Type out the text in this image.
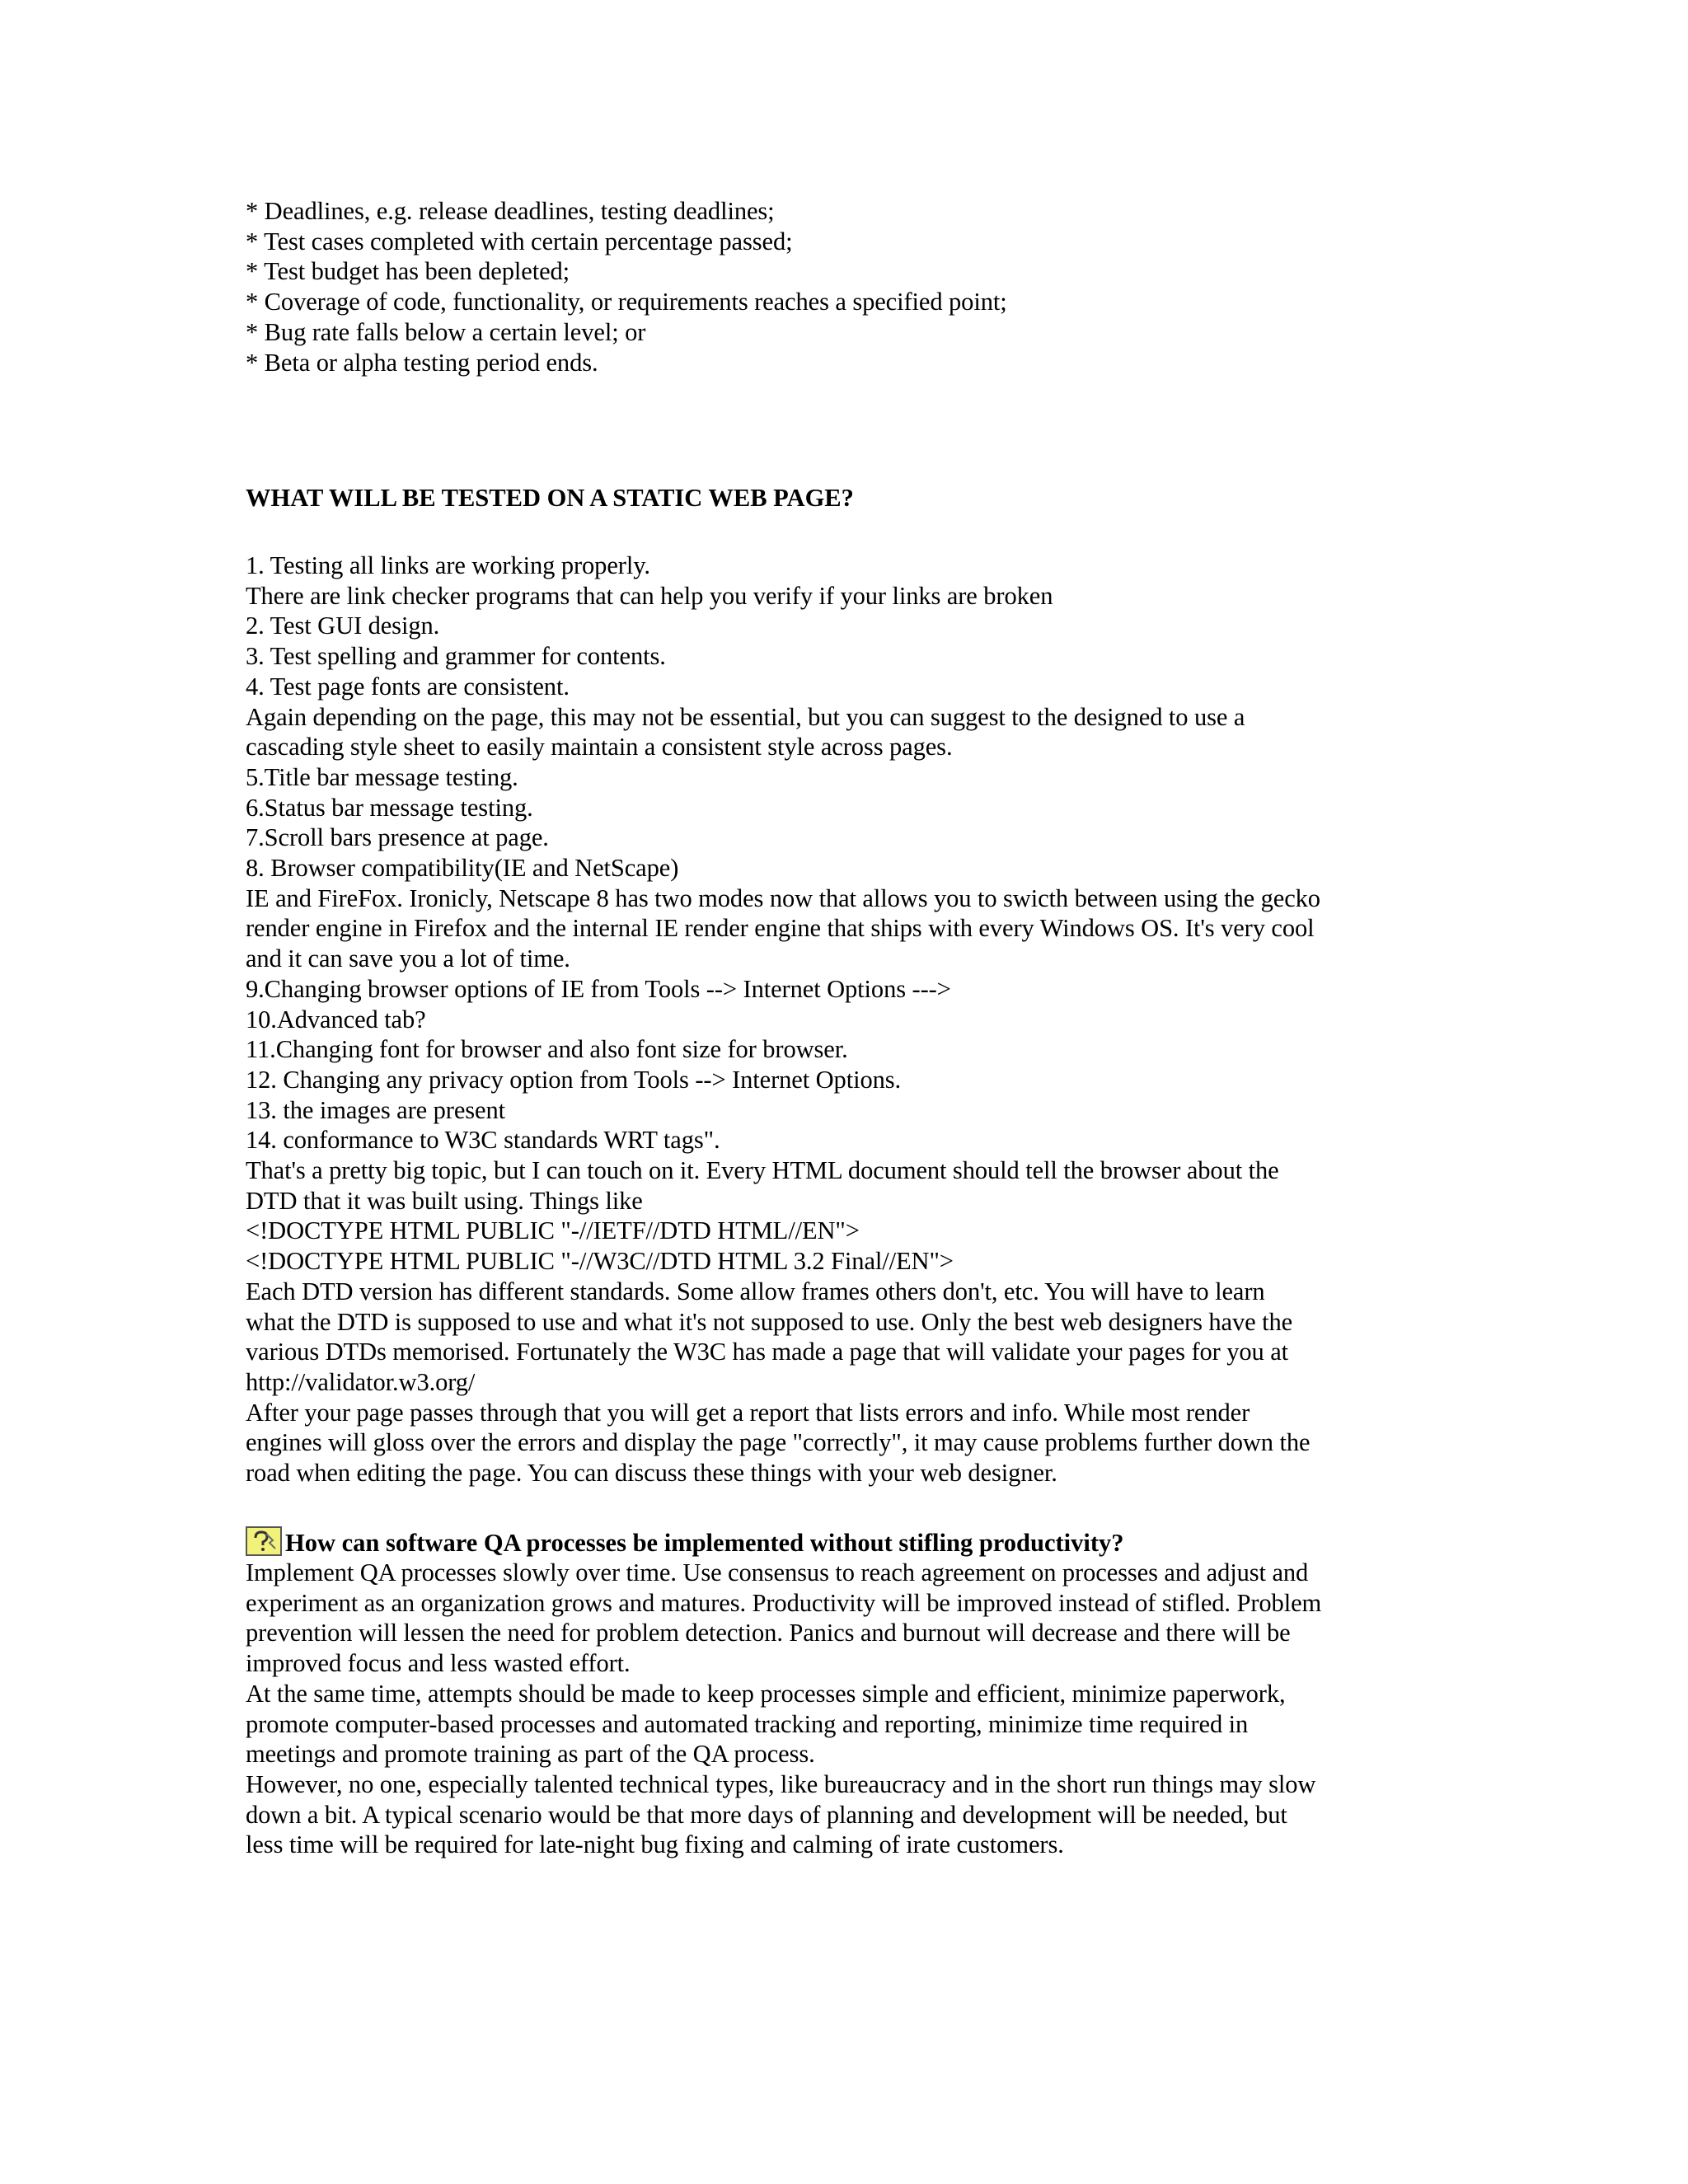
* Deadlines, e.g. release deadlines, testing deadlines;
* Test cases completed with certain percentage passed;
* Test budget has been depleted;
* Coverage of code, functionality, or requirements reaches a specified point;
* Bug rate falls below a certain level; or
* Beta or alpha testing period ends.
WHAT WILL BE TESTED ON A STATIC WEB PAGE?
1. Testing all links are working properly.
There are link checker programs that can help you verify if your links are broken
2. Test GUI design.
3. Test spelling and grammer for contents.
4. Test page fonts are consistent.
Again depending on the page, this may not be essential, but you can suggest to the designed to use a
cascading style sheet to easily maintain a consistent style across pages.
5.Title bar message testing.
6.Status bar message testing.
7.Scroll bars presence at page.
8. Browser compatibility(IE and NetScape)
IE and FireFox. Ironicly, Netscape 8 has two modes now that allows you to swicth between using the gecko
render engine in Firefox and the internal IE render engine that ships with every Windows OS. It's very cool
and it can save you a lot of time.
9.Changing browser options of IE from Tools --> Internet Options --->
10.Advanced tab?
11.Changing font for browser and also font size for browser.
12. Changing any privacy option from Tools --> Internet Options.
13. the images are present
14. conformance to W3C standards WRT tags".
That's a pretty big topic, but I can touch on it. Every HTML document should tell the browser about the
DTD that it was built using. Things like
<!DOCTYPE HTML PUBLIC "-//IETF//DTD HTML//EN">
<!DOCTYPE HTML PUBLIC "-//W3C//DTD HTML 3.2 Final//EN">
Each DTD version has different standards. Some allow frames others don't, etc. You will have to learn
what the DTD is supposed to use and what it's not supposed to use. Only the best web designers have the
various DTDs memorised. Fortunately the W3C has made a page that will validate your pages for you at
http://validator.w3.org/
After your page passes through that you will get a report that lists errors and info. While most render
engines will gloss over the errors and display the page "correctly", it may cause problems further down the
road when editing the page. You can discuss these things with your web designer.
How can software QA processes be implemented without stifling productivity?
Implement QA processes slowly over time. Use consensus to reach agreement on processes and adjust and
experiment as an organization grows and matures. Productivity will be improved instead of stifled. Problem
prevention will lessen the need for problem detection. Panics and burnout will decrease and there will be
improved focus and less wasted effort.
At the same time, attempts should be made to keep processes simple and efficient, minimize paperwork,
promote computer-based processes and automated tracking and reporting, minimize time required in
meetings and promote training as part of the QA process.
However, no one, especially talented technical types, like bureaucracy and in the short run things may slow
down a bit. A typical scenario would be that more days of planning and development will be needed, but
less time will be required for late-night bug fixing and calming of irate customers.
